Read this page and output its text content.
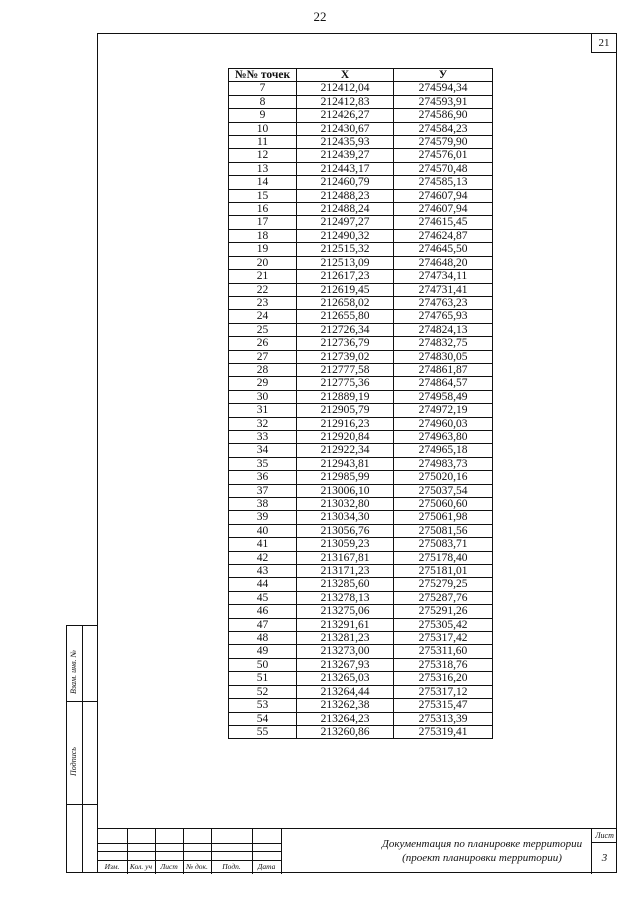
22
21
№№ точек	X	У
7	212412,04	274594,34
8	212412,83	274593,91
9	212426,27	274586,90
10	212430,67	274584,23
11	212435,93	274579,90
12	212439,27	274576,01
13	212443,17	274570,48
14	212460,79	274585,13
15	212488,23	274607,94
16	212488,24	274607,94
17	212497,27	274615,45
18	212490,32	274624,87
19	212515,32	274645,50
20	212513,09	274648,20
21	212617,23	274734,11
22	212619,45	274731,41
23	212658,02	274763,23
24	212655,80	274765,93
25	212726,34	274824,13
26	212736,79	274832,75
27	212739,02	274830,05
28	212777,58	274861,87
29	212775,36	274864,57
30	212889,19	274958,49
31	212905,79	274972,19
32	212916,23	274960,03
33	212920,84	274963,80
34	212922,34	274965,18
35	212943,81	274983,73
36	212985,99	275020,16
37	213006,10	275037,54
38	213032,80	275060,60
39	213034,30	275061,98
40	213056,76	275081,56
41	213059,23	275083,71
42	213167,81	275178,40
43	213171,23	275181,01
44	213285,60	275279,25
45	213278,13	275287,76
46	213275,06	275291,26
47	213291,61	275305,42
48	213281,23	275317,42
49	213273,00	275311,60
50	213267,93	275318,76
51	213265,03	275316,20
52	213264,44	275317,12
53	213262,38	275315,47
54	213264,23	275313,39
55	213260,86	275319,41
Взам. инв. №
Подпись
Изм.	Кол. уч	Лист	№ док.	Подп.	Дата
Документация по планировке территории
(проект планировки территории)
Лист
3
